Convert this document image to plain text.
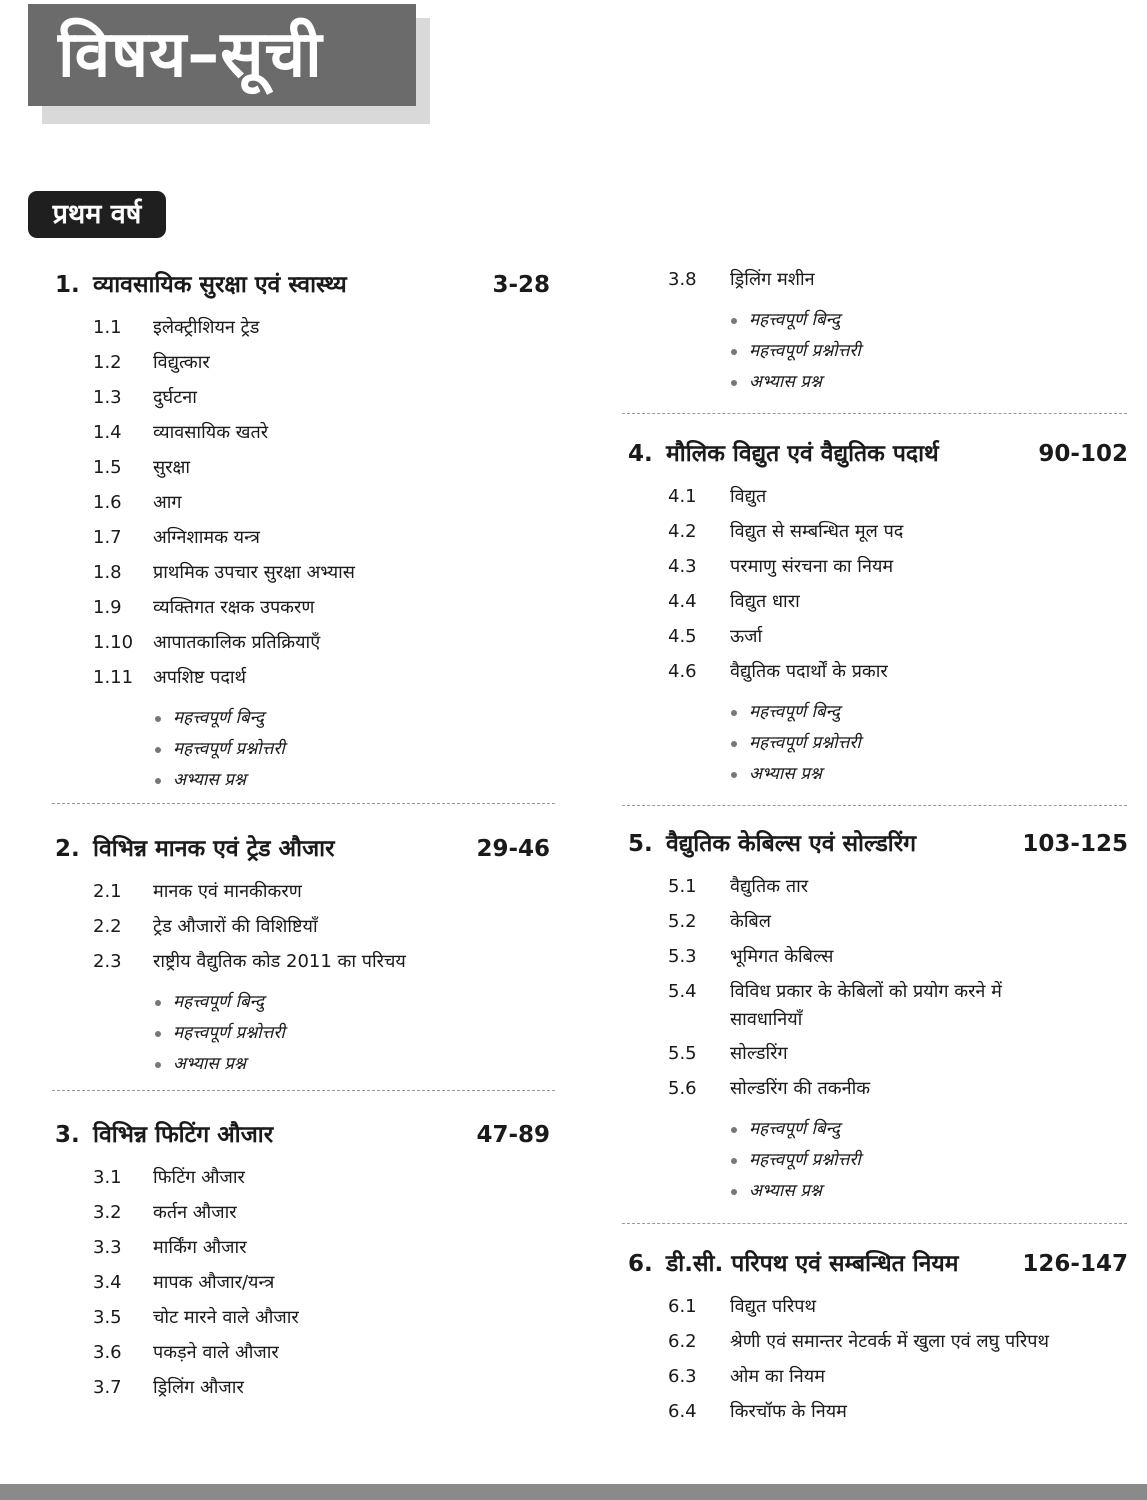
विषय–सूची
प्रथम वर्ष
1. व्यावसायिक सुरक्षा एवं स्वास्थ्य	3-28
1.1 इलेक्ट्रीशियन ट्रेड
1.2 विद्युत्कार
1.3 दुर्घटना
1.4 व्यावसायिक खतरे
1.5 सुरक्षा
1.6 आग
1.7 अग्निशामक यन्त्र
1.8 प्राथमिक उपचार सुरक्षा अभ्यास
1.9 व्यक्तिगत रक्षक उपकरण
1.10 आपातकालिक प्रतिक्रियाएँ
1.11 अपशिष्ट पदार्थ
महत्त्वपूर्ण बिन्दु
महत्त्वपूर्ण प्रश्नोत्तरी
अभ्यास प्रश्न
2. विभिन्न मानक एवं ट्रेड औजार	29-46
2.1 मानक एवं मानकीकरण
2.2 ट्रेड औजारों की विशिष्टियाँ
2.3 राष्ट्रीय वैद्युतिक कोड 2011 का परिचय
महत्त्वपूर्ण बिन्दु
महत्त्वपूर्ण प्रश्नोत्तरी
अभ्यास प्रश्न
3. विभिन्न फिटिंग औजार	47-89
3.1 फिटिंग औजार
3.2 कर्तन औजार
3.3 मार्किंग औजार
3.4 मापक औजार/यन्त्र
3.5 चोट मारने वाले औजार
3.6 पकड़ने वाले औजार
3.7 ड्रिलिंग औजार
3.8 ड्रिलिंग मशीन
महत्त्वपूर्ण बिन्दु
महत्त्वपूर्ण प्रश्नोत्तरी
अभ्यास प्रश्न
4. मौलिक विद्युत एवं वैद्युतिक पदार्थ	90-102
4.1 विद्युत
4.2 विद्युत से सम्बन्धित मूल पद
4.3 परमाणु संरचना का नियम
4.4 विद्युत धारा
4.5 ऊर्जा
4.6 वैद्युतिक पदार्थों के प्रकार
महत्त्वपूर्ण बिन्दु
महत्त्वपूर्ण प्रश्नोत्तरी
अभ्यास प्रश्न
5. वैद्युतिक केबिल्स एवं सोल्डरिंग	103-125
5.1 वैद्युतिक तार
5.2 केबिल
5.3 भूमिगत केबिल्स
5.4 विविध प्रकार के केबिलों को प्रयोग करने में सावधानियाँ
5.5 सोल्डरिंग
5.6 सोल्डरिंग की तकनीक
महत्त्वपूर्ण बिन्दु
महत्त्वपूर्ण प्रश्नोत्तरी
अभ्यास प्रश्न
6. डी.सी. परिपथ एवं सम्बन्धित नियम	126-147
6.1 विद्युत परिपथ
6.2 श्रेणी एवं समान्तर नेटवर्क में खुला एवं लघु परिपथ
6.3 ओम का नियम
6.4 किरचॉफ के नियम
